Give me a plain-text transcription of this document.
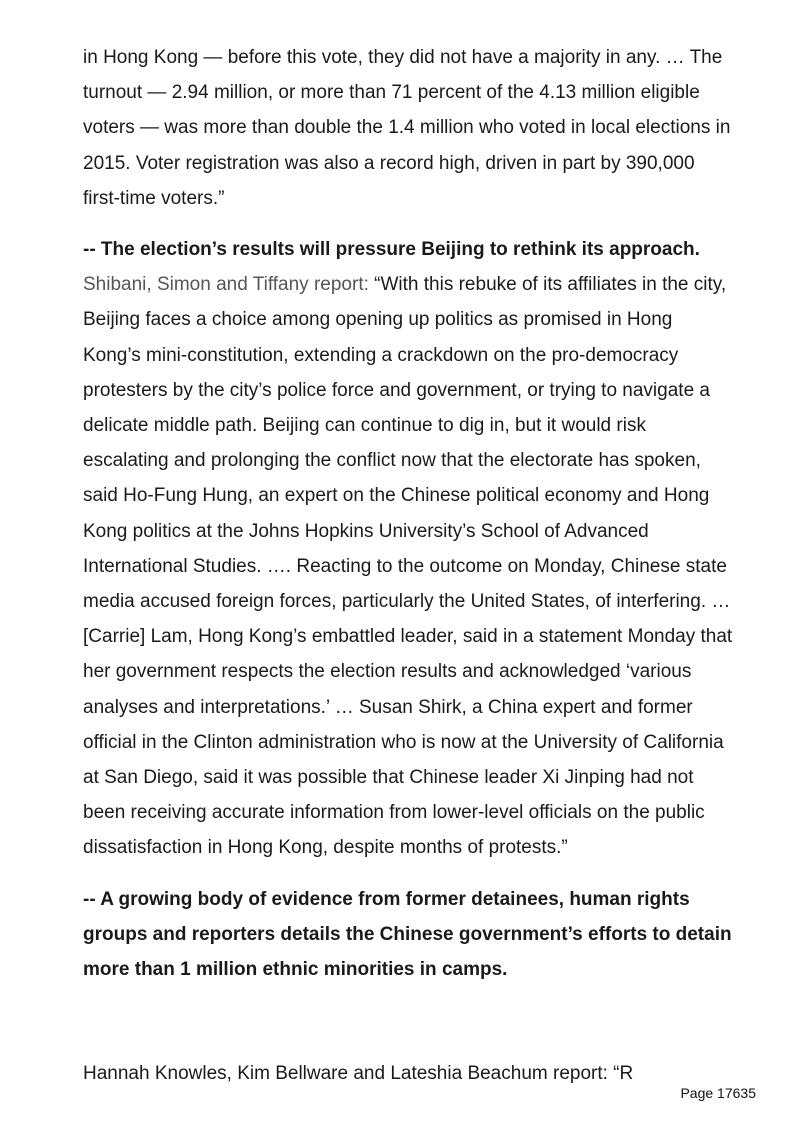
in Hong Kong — before this vote, they did not have a majority in any. … The turnout — 2.94 million, or more than 71 percent of the 4.13 million eligible voters — was more than double the 1.4 million who voted in local elections in 2015. Voter registration was also a record high, driven in part by 390,000 first-time voters.”

-- The election’s results will pressure Beijing to rethink its approach. Shibani, Simon and Tiffany report: “With this rebuke of its affiliates in the city, Beijing faces a choice among opening up politics as promised in Hong Kong’s mini-constitution, extending a crackdown on the pro-democracy protesters by the city’s police force and government, or trying to navigate a delicate middle path. Beijing can continue to dig in, but it would risk escalating and prolonging the conflict now that the electorate has spoken, said Ho-Fung Hung, an expert on the Chinese political economy and Hong Kong politics at the Johns Hopkins University’s School of Advanced International Studies. …. Reacting to the outcome on Monday, Chinese state media accused foreign forces, particularly the United States, of interfering. … [Carrie] Lam, Hong Kong’s embattled leader, said in a statement Monday that her government respects the election results and acknowledged ‘various analyses and interpretations.’ … Susan Shirk, a China expert and former official in the Clinton administration who is now at the University of California at San Diego, said it was possible that Chinese leader Xi Jinping had not been receiving accurate information from lower-level officials on the public dissatisfaction in Hong Kong, despite months of protests.”

-- A growing body of evidence from former detainees, human rights groups and reporters details the Chinese government’s efforts to detain more than 1 million ethnic minorities in camps.

Hannah Knowles, Kim Bellware and Lateshia Beachum report: “R
Page 17635
